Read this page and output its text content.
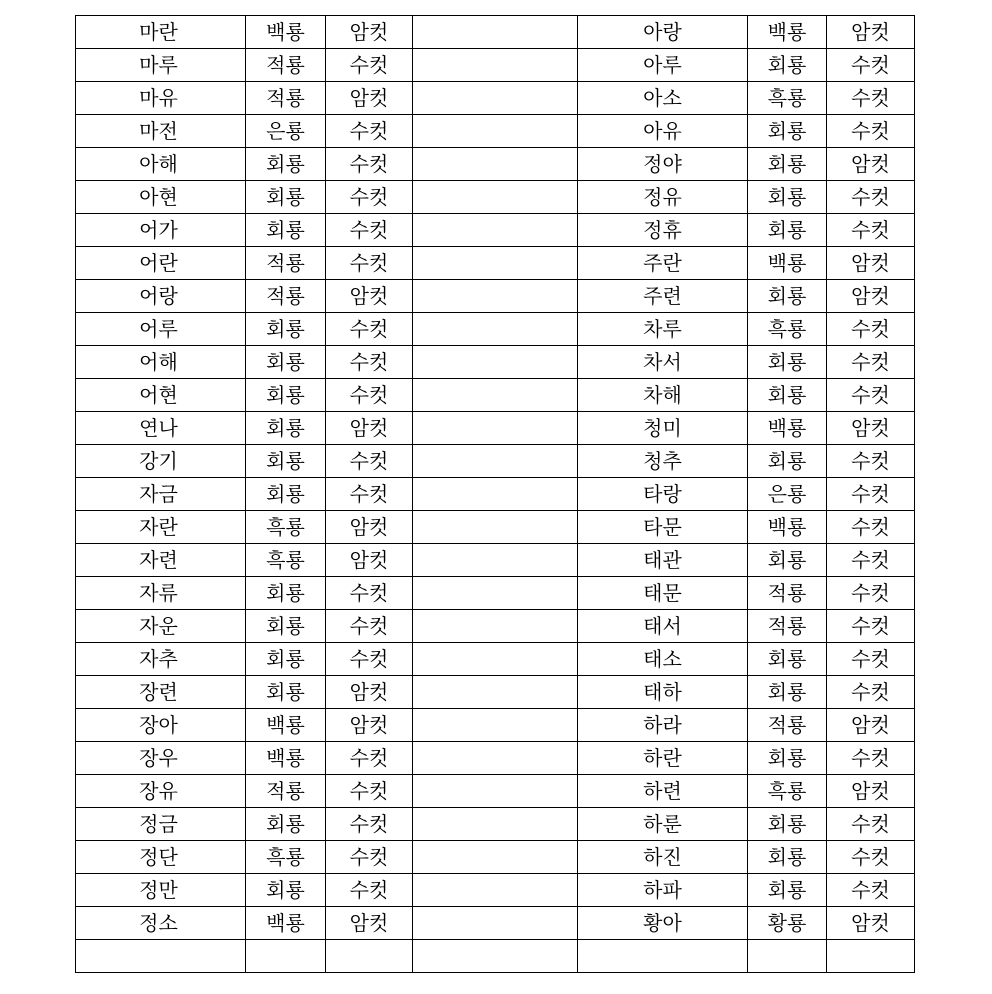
마란	백룡	암컷		아랑	백룡	암컷
마루	적룡	수컷		아루	회룡	수컷
마유	적룡	암컷		아소	흑룡	수컷
마전	은룡	수컷		아유	회룡	수컷
아해	회룡	수컷		정야	회룡	암컷
아현	회룡	수컷		정유	회룡	수컷
어가	회룡	수컷		정휴	회룡	수컷
어란	적룡	수컷		주란	백룡	암컷
어랑	적룡	암컷		주련	회룡	암컷
어루	회룡	수컷		차루	흑룡	수컷
어해	회룡	수컷		차서	회룡	수컷
어현	회룡	수컷		차해	회룡	수컷
연나	회룡	암컷		청미	백룡	암컷
강기	회룡	수컷		청추	회룡	수컷
자금	회룡	수컷		타랑	은룡	수컷
자란	흑룡	암컷		타문	백룡	수컷
자련	흑룡	암컷		태관	회룡	수컷
자류	회룡	수컷		태문	적룡	수컷
자운	회룡	수컷		태서	적룡	수컷
자추	회룡	수컷		태소	회룡	수컷
장련	회룡	암컷		태하	회룡	수컷
장아	백룡	암컷		하라	적룡	암컷
장우	백룡	수컷		하란	회룡	수컷
장유	적룡	수컷		하련	흑룡	암컷
정금	회룡	수컷		하룬	회룡	수컷
정단	흑룡	수컷		하진	회룡	수컷
정만	회룡	수컷		하파	회룡	수컷
정소	백룡	암컷		황아	황룡	암컷
